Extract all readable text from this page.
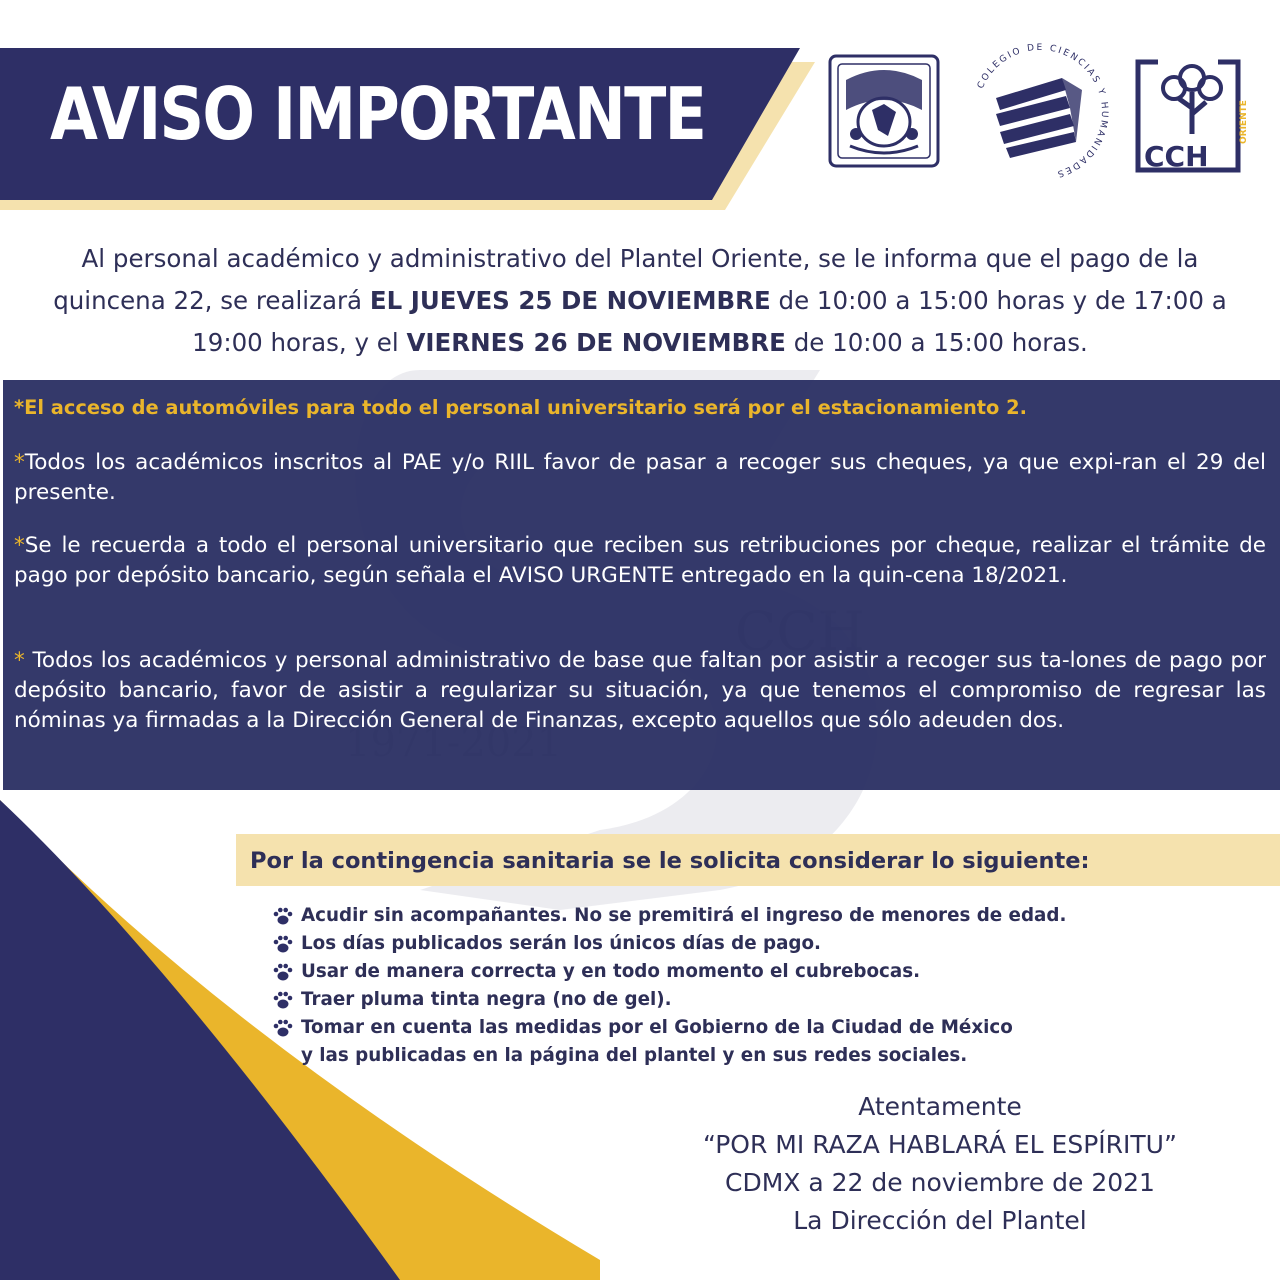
AVISO IMPORTANTE	COLEGIO DE CIENCIAS Y HUMANIDADES	CCH
ORIENTE

Al personal académico y administrativo del Plantel Oriente, se le informa que el pago de la quincena 22, se realizará EL JUEVES 25 DE NOVIEMBRE de 10:00 a 15:00 horas y de 17:00 a 19:00 horas, y el VIERNES 26 DE NOVIEMBRE de 10:00 a 15:00 horas.

*El acceso de automóviles para todo el personal universitario será por el estacionamiento 2.
*Todos los académicos inscritos al PAE y/o RIIL favor de pasar a recoger sus cheques, ya que expi-ran el 29 del presente.
*Se le recuerda a todo el personal universitario que reciben sus retribuciones por cheque, realizar el trámite de pago por depósito bancario, según señala el AVISO URGENTE entregado en la quin-cena 18/2021.
* Todos los académicos y personal administrativo de base que faltan por asistir a recoger sus ta-lones de pago por depósito bancario, favor de asistir a regularizar su situación, ya que tenemos el compromiso de regresar las nóminas ya firmadas a la Dirección General de Finanzas, excepto aquellos que sólo adeuden dos.
Por la contingencia sanitaria se le solicita considerar lo siguiente:
Acudir sin acompañantes. No se premitirá el ingreso de menores de edad.
Los días publicados serán los únicos días de pago.
Usar de manera correcta y en todo momento el cubrebocas.
Traer pluma tinta negra (no de gel).
Tomar en cuenta las medidas por el Gobierno de la Ciudad de México
y las publicadas en la página del plantel y en sus redes sociales.
Atentamente
“POR MI RAZA HABLARÁ EL ESPÍRITU”
CDMX a 22 de noviembre de 2021
La Dirección del Plantel
